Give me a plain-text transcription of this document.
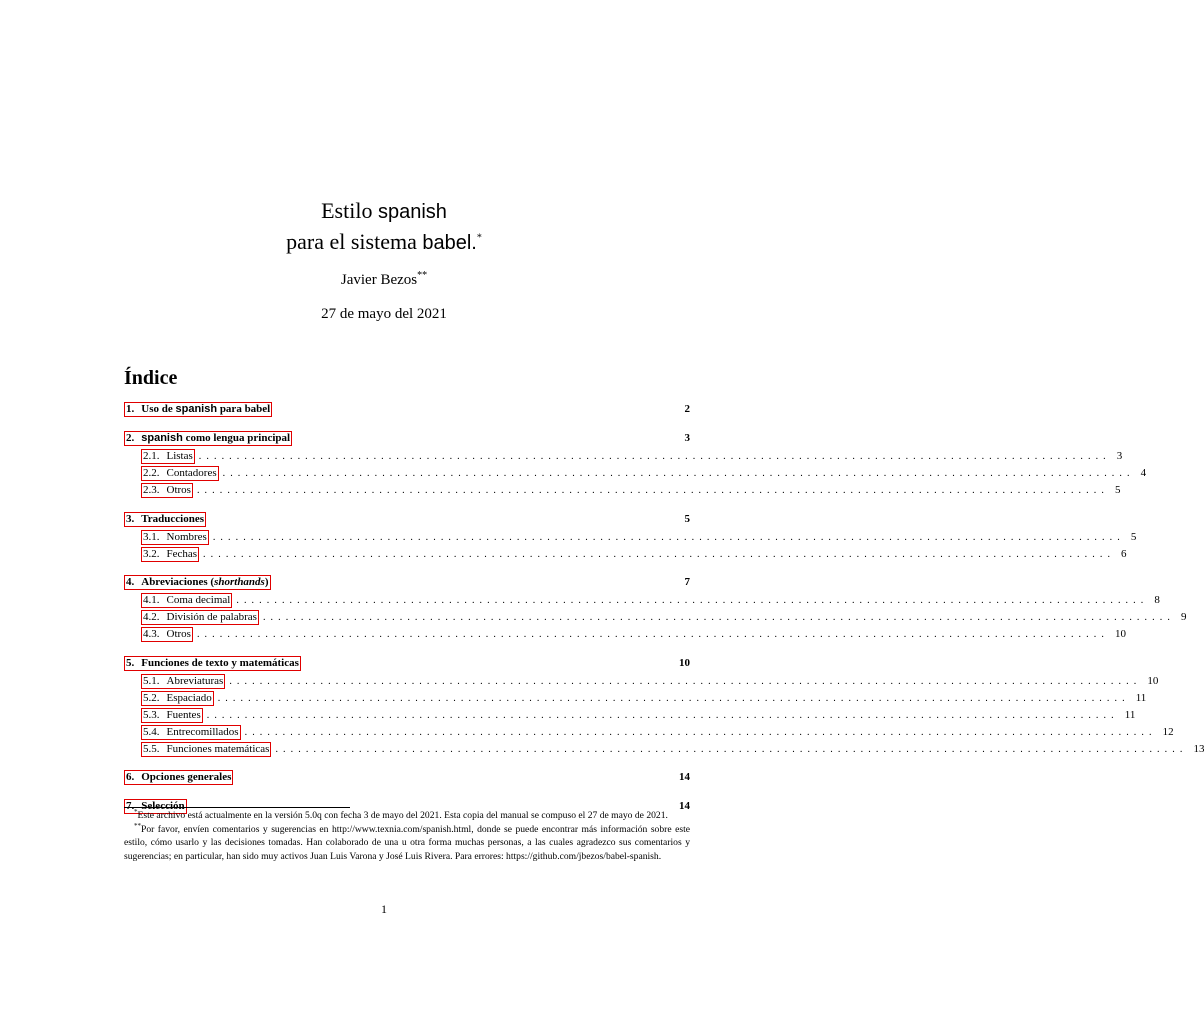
Estilo spanish
para el sistema babel.*
Javier Bezos**
27 de mayo del 2021
Índice
1. Uso de spanish para babel	2
2. spanish como lengua principal	3
2.1. Listas ........................................................................................................................ 3
2.2. Contadores ........................................................................................................................ 4
2.3. Otros ........................................................................................................................ 5
3. Traducciones	5
3.1. Nombres ........................................................................................................................ 5
3.2. Fechas ........................................................................................................................ 6
4. Abreviaciones (shorthands)	7
4.1. Coma decimal ........................................................................................................................ 8
4.2. División de palabras ........................................................................................................................ 9
4.3. Otros ........................................................................................................................ 10
5. Funciones de texto y matemáticas	10
5.1. Abreviaturas ........................................................................................................................ 10
5.2. Espaciado ........................................................................................................................ 11
5.3. Fuentes ........................................................................................................................ 11
5.4. Entrecomillados ........................................................................................................................ 12
5.5. Funciones matemáticas ........................................................................................................................ 13
6. Opciones generales	14
7. Selección	14

*Este archivo está actualmente en la versión 5.0q con fecha 3 de mayo del 2021. Esta copia del manual se compuso el 27 de mayo de 2021.

**Por favor, envíen comentarios y sugerencias en http://www.texnia.com/spanish.html, donde se puede encontrar más información sobre este estilo, cómo usarlo y las decisiones tomadas. Han colaborado de una u otra forma muchas personas, a las cuales agradezco sus comentarios y sugerencias; en particular, han sido muy activos Juan Luis Varona y José Luis Rivera. Para errores: https://github.com/jbezos/babel-spanish.

1
